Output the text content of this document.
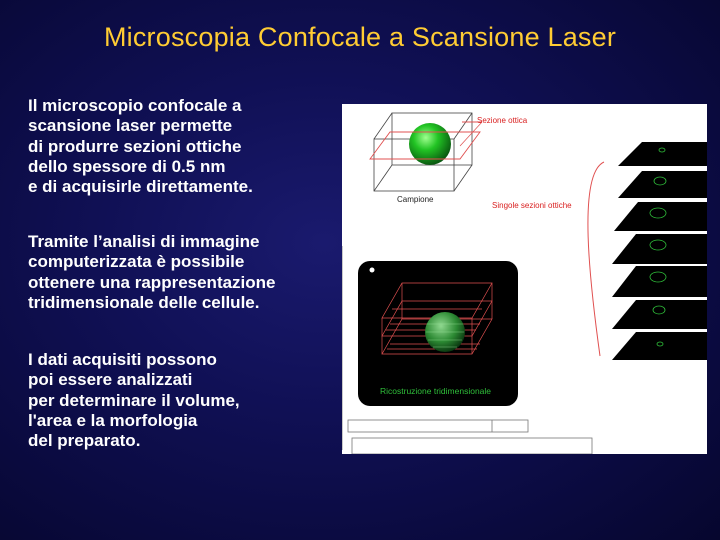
Microscopia Confocale a Scansione Laser

Il microscopio confocale a
scansione laser permette
di produrre sezioni ottiche
dello spessore di 0.5 nm
e di acquisirle direttamente.

Tramite l’analisi di immagine
computerizzata è possibile
ottenere una rappresentazione
tridimensionale delle cellule.

I dati acquisiti possono
poi essere analizzati
per determinare il volume,
l'area e la morfologia
del preparato.

Sezione ottica
Campione
Singole sezioni ottiche
Ricostruzione tridimensionale
